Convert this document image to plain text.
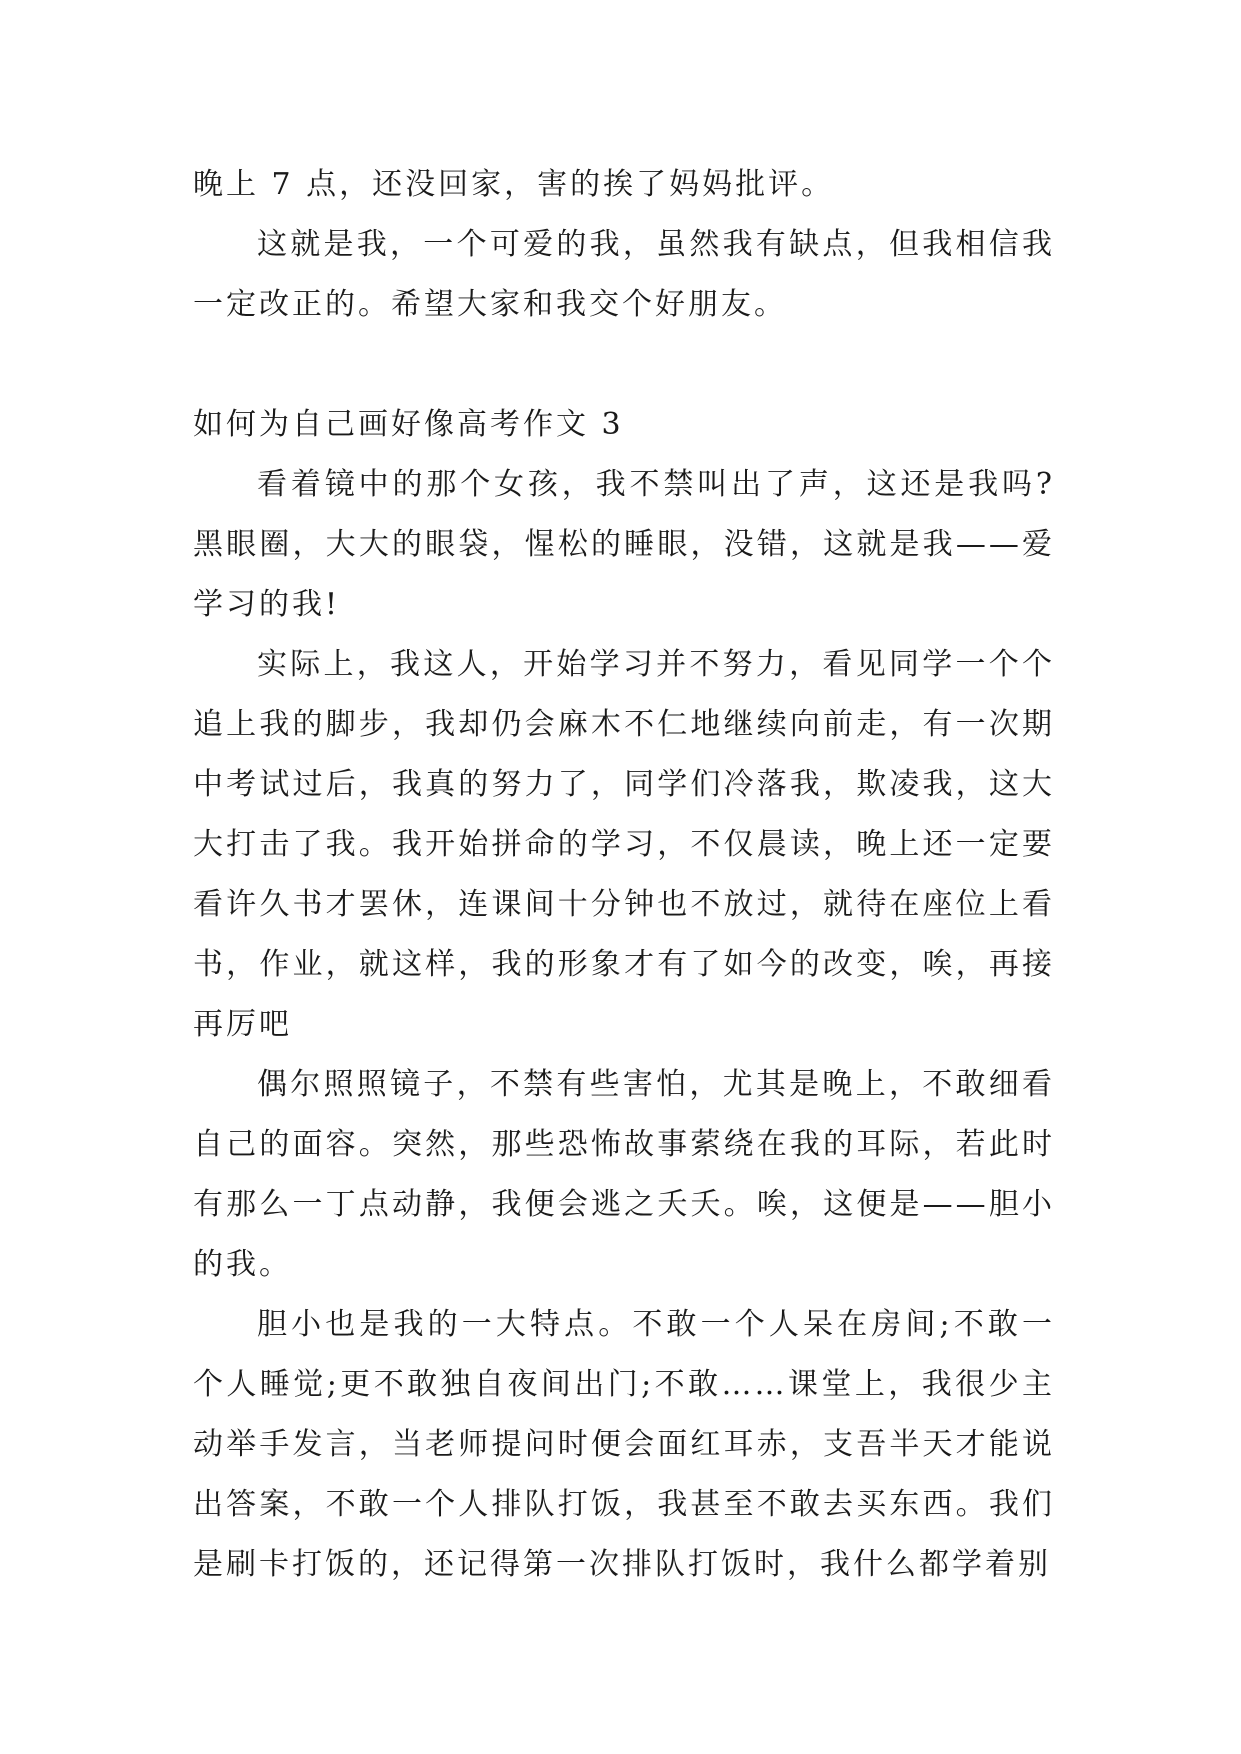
晚上 7 点，还没回家，害的挨了妈妈批评。

这就是我，一个可爱的我，虽然我有缺点，但我相信我一定改正的。希望大家和我交个好朋友。

如何为自己画好像高考作文 3

看着镜中的那个女孩，我不禁叫出了声，这还是我吗?黑眼圈，大大的眼袋，惺松的睡眼，没错，这就是我——爱学习的我!

实际上，我这人，开始学习并不努力，看见同学一个个追上我的脚步，我却仍会麻木不仁地继续向前走，有一次期中考试过后，我真的努力了，同学们冷落我，欺凌我，这大大打击了我。我开始拼命的学习，不仅晨读，晚上还一定要看许久书才罢休，连课间十分钟也不放过，就待在座位上看书，作业，就这样，我的形象才有了如今的改变，唉，再接再厉吧

偶尔照照镜子，不禁有些害怕，尤其是晚上，不敢细看自己的面容。突然，那些恐怖故事萦绕在我的耳际，若此时有那么一丁点动静，我便会逃之夭夭。唉，这便是——胆小的我。

胆小也是我的一大特点。不敢一个人呆在房间;不敢一个人睡觉;更不敢独自夜间出门;不敢……课堂上，我很少主动举手发言，当老师提问时便会面红耳赤，支吾半天才能说出答案，不敢一个人排队打饭，我甚至不敢去买东西。我们是刷卡打饭的，还记得第一次排队打饭时，我什么都学着别
